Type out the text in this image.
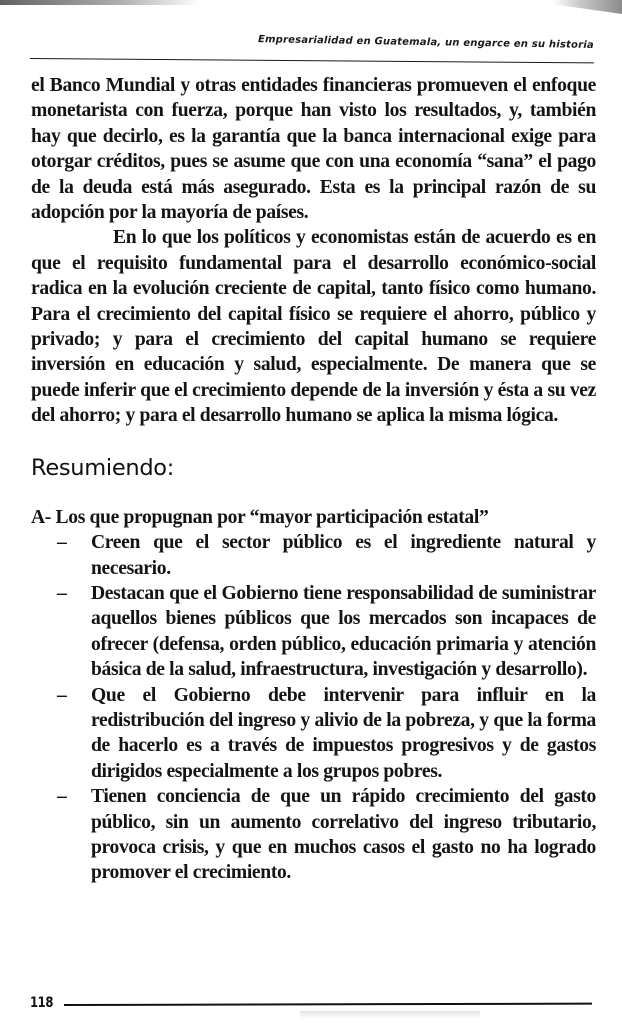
Empresarialidad en Guatemala, un engarce en su historia

el Banco Mundial y otras entidades financieras promueven el enfoque monetarista con fuerza, porque han visto los resultados, y, también hay que decirlo, es la garantía que la banca internacional exige para otorgar créditos, pues se asume que con una economía “sana” el pago de la deuda está más asegurado. Esta es la principal razón de su adopción por la mayoría de países.

En lo que los políticos y economistas están de acuerdo es en que el requisito fundamental para el desarrollo económico-social radica en la evolución creciente de capital, tanto físico como humano. Para el crecimiento del capital físico se requiere el ahorro, público y privado; y para el crecimiento del capital humano se requiere inversión en educación y salud, especialmente. De manera que se puede inferir que el crecimiento depende de la inversión y ésta a su vez del ahorro; y para el desarrollo humano se aplica la misma lógica.

Resumiendo:

A- Los que propugnan por “mayor participación estatal”

– Creen que el sector público es el ingrediente natural y necesario.
– Destacan que el Gobierno tiene responsabilidad de suministrar aquellos bienes públicos que los mercados son incapaces de ofrecer (defensa, orden público, educación primaria y atención básica de la salud, infraestructura, investigación y desarrollo).
– Que el Gobierno debe intervenir para influir en la redistribución del ingreso y alivio de la pobreza, y que la forma de hacerlo es a través de impuestos progresivos y de gastos dirigidos especialmente a los grupos pobres.
– Tienen conciencia de que un rápido crecimiento del gasto público, sin un aumento correlativo del ingreso tributario, provoca crisis, y que en muchos casos el gasto no ha logrado promover el crecimiento.
118
